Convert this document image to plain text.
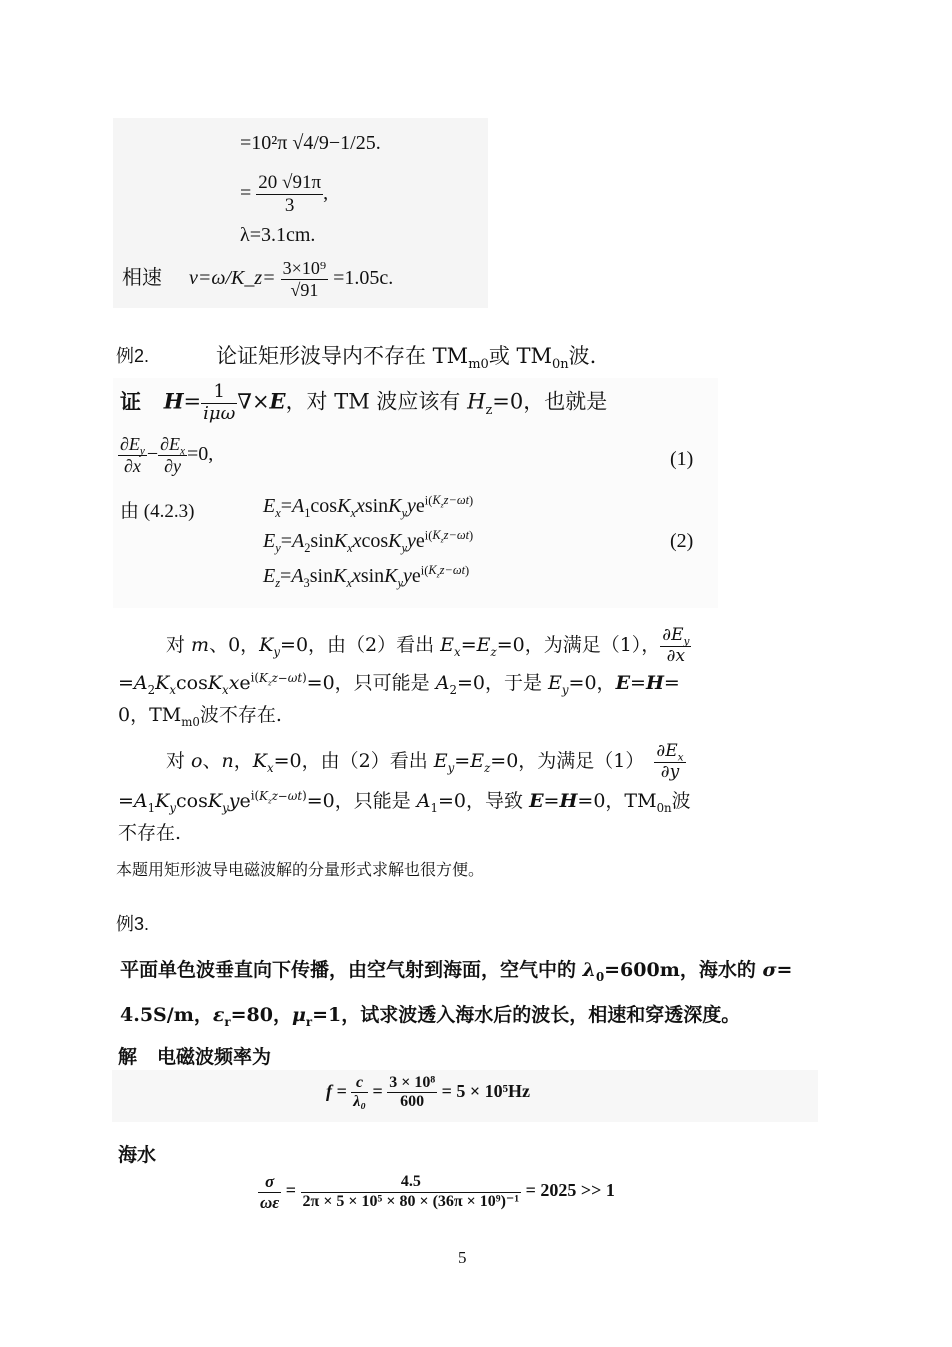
=10²π √4/9−1/25.
= $\frac{20 √91\pi}{3}$ ,
λ=3.1cm.
相速 v=ω/K_z= $\frac{\text{3×10⁹}}{√91} =1.05c$.
例2.	论证矩形波导内不存在 $TM_{m0}$或 $TM_{0n}$波.
证 $H= \frac{1}{\text{iμω}} \nabla\times E$，对 TM 波应该有 $H_z=0$，也就是
$\frac{\partial E_y}{\partial x} - \frac{\partial E_x}{\partial y} =0$,	(1)
由 (4.2.3)	$E_x=A_1\cos K_xxsinK_yye^{i(K_zz-\omega t)}$
$E_y=A_2\sin K_xxcosK_yye^{i(K_zz-\omega t)}$
$E_z=A_3\sin K_xxsinK_yye^{i(K_zz-\omega t)}$
(2)
对 m、0，$K_y=0$，由（2）看出 $E_x=E_z=0$，为满足（1）， $\frac{\partial E_y}{\partial x}$
$=A_2K_x\cos K_xxe^{i(K_zz-\omega t)}=0$，只可能是 $A_2=0$，于是 $E_y=0$，E=H=
0，$TM_{m0}$波不存在.
对 o、n，$K_x=0$，由（2）看出 $E_y=E_z=0$，为满足$(1) \frac{\partial E_x}{\partial y}$
$=A_1K_y\cos K_yye^{i(K_zz-\omega t)}=0$，只能是 $A_1=0$，导致 E=H=0，$TM_{0n}$波
不存在.
本题用矩形波导电磁波解的分量形式求解也很方便。
例3.
平面单色波垂直向下传播，由空气射到海面，空气中的 $\lambda_0=600m$，海水的 σ=
4.5S/m，$\varepsilon_r=80$，$\mu_r=1$，试求波透入海水后的波长，相速和穿透深度。
解 电磁波频率为
$f = \frac{c}{\text{λ₀}} = \frac{\text{3 × 10⁸}}{600} = 5 \times 10^5Hz$
海水
$\frac{\sigma}{\omega\varepsilon} = \frac{4.5}{\text{2π × 5 × 10⁵ × 80 × (36π × 10⁹)⁻¹}} = 2025 >> 1$
5
